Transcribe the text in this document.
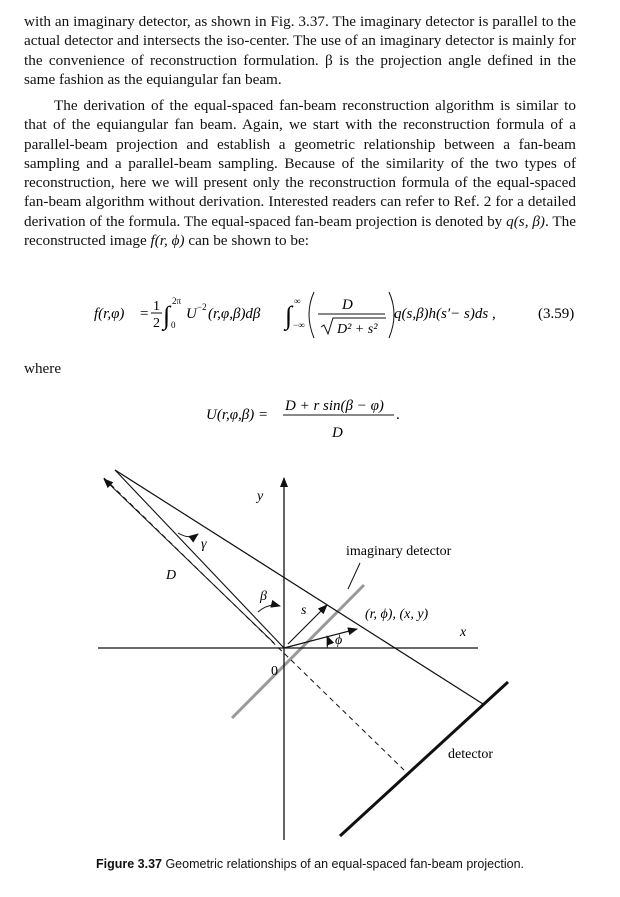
with an imaginary detector, as shown in Fig. 3.37. The imaginary detector is parallel to the actual detector and intersects the iso-center. The use of an imaginary detector is mainly for the convenience of reconstruction formulation. β is the projection angle defined in the same fashion as the equiangular fan beam.

The derivation of the equal-spaced fan-beam reconstruction algorithm is similar to that of the equiangular fan beam. Again, we start with the reconstruction formula of a parallel-beam projection and establish a geometric relationship between a fan-beam sampling and a parallel-beam sampling. Because of the similarity of the two types of reconstruction, here we will present only the reconstruction formula of the equal-spaced fan-beam algorithm without derivation. Interested readers can refer to Ref. 2 for a detailed derivation of the formula. The equal-spaced fan-beam projection is denoted by q(s, β). The reconstructed image f(r, ϕ) can be shown to be:

f(r,φ) = 1
2 ∫ 2π
0
U −2 (r,φ,β)dβ ∫ ∞
−∞
D
D² + s²
q(s,β)h(s′− s)ds ,	(3.59)
U(r,φ,β) =
D + r sin(β − φ)
D
.

where

y
x
γ
D
β
s
imaginary detector
(r, ϕ), (x, y)
ϕ
0
detector

Figure 3.37 Geometric relationships of an equal-spaced fan-beam projection.
